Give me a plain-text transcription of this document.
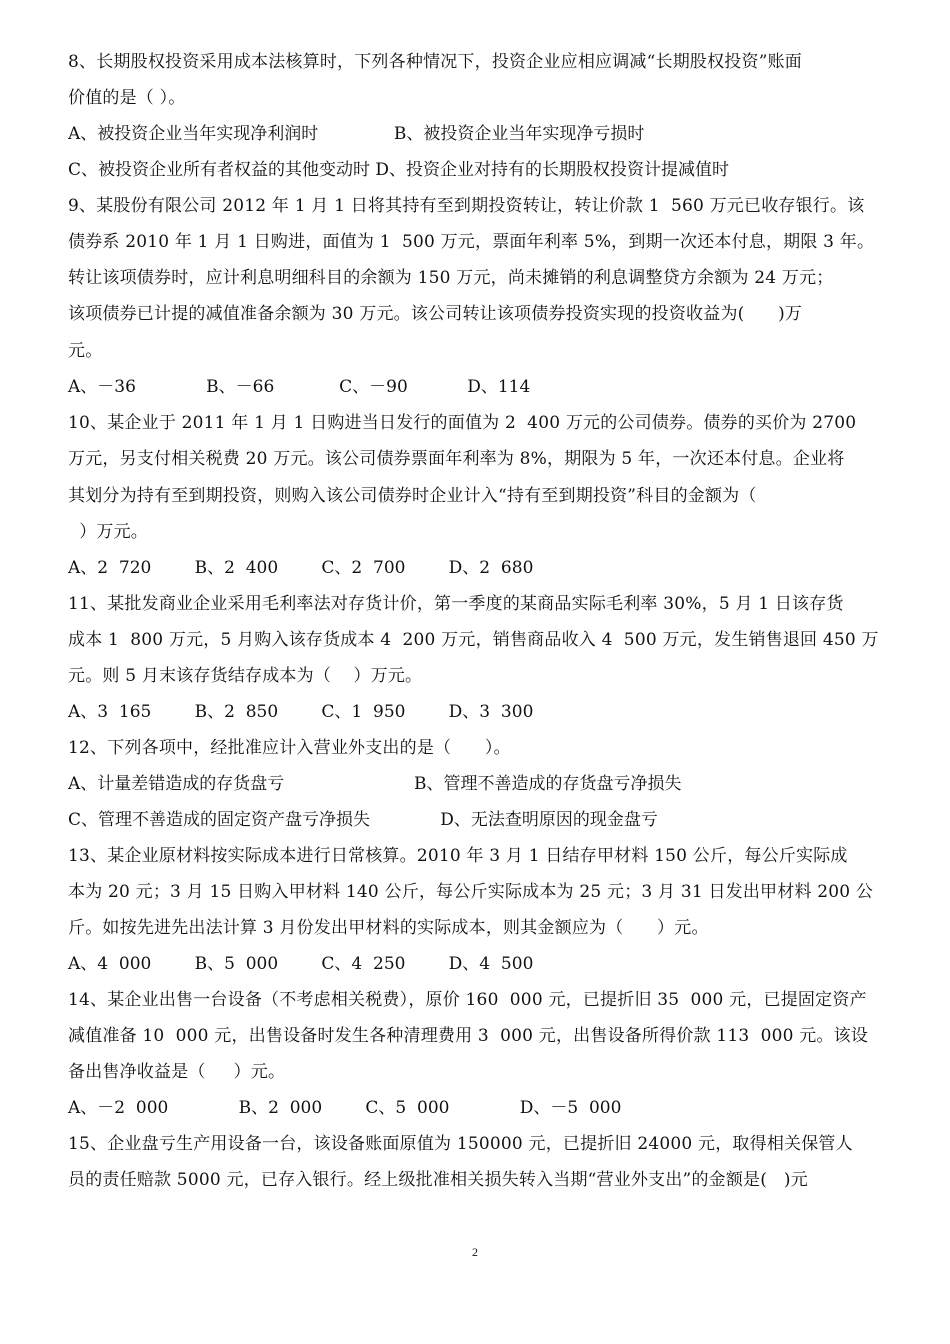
8、长期股权投资采用成本法核算时，下列各种情况下，投资企业应相应调减“长期股权投资”账面
价值的是（ ）。
A、被投资企业当年实现净利润时              B、被投资企业当年实现净亏损时
C、被投资企业所有者权益的其他变动时 D、投资企业对持有的长期股权投资计提减值时
9、某股份有限公司 2012 年 1 月 1 日将其持有至到期投资转让，转让价款 1  560 万元已收存银行。该
债券系 2010 年 1 月 1 日购进，面值为 1  500 万元，票面年利率 5%，到期一次还本付息，期限 3 年。
转让该项债券时，应计利息明细科目的余额为 150 万元，尚未摊销的利息调整贷方余额为 24 万元；
该项债券已计提的减值准备余额为 30 万元。该公司转让该项债券投资实现的投资收益为(      )万
元。
A、－36             B、－66            C、－90           D、114
10、某企业于 2011 年 1 月 1 日购进当日发行的面值为 2  400 万元的公司债券。债券的买价为 2700
万元，另支付相关税费 20 万元。该公司债券票面年利率为 8%，期限为 5 年，一次还本付息。企业将
其划分为持有至到期投资，则购入该公司债券时企业计入“持有至到期投资”科目的金额为（
）万元。
A、2  720        B、2  400        C、2  700        D、2  680
11、某批发商业企业采用毛利率法对存货计价，第一季度的某商品实际毛利率 30%，5 月 1 日该存货
成本 1  800 万元，5 月购入该存货成本 4  200 万元，销售商品收入 4  500 万元，发生销售退回 450 万
元。则 5 月末该存货结存成本为（    ）万元。
A、3  165        B、2  850        C、1  950        D、3  300
12、下列各项中，经批准应计入营业外支出的是（      ）。
A、计量差错造成的存货盘亏                        B、管理不善造成的存货盘亏净损失
C、管理不善造成的固定资产盘亏净损失             D、无法查明原因的现金盘亏
13、某企业原材料按实际成本进行日常核算。2010 年 3 月 1 日结存甲材料 150 公斤，每公斤实际成
本为 20 元；3 月 15 日购入甲材料 140 公斤，每公斤实际成本为 25 元；3 月 31 日发出甲材料 200 公
斤。如按先进先出法计算 3 月份发出甲材料的实际成本，则其金额应为（      ）元。
A、4  000        B、5  000        C、4  250        D、4  500
14、某企业出售一台设备（不考虑相关税费），原价 160  000 元，已提折旧 35  000 元，已提固定资产
减值准备 10  000 元，出售设备时发生各种清理费用 3  000 元，出售设备所得价款 113  000 元。该设
备出售净收益是（     ）元。
A、－2  000             B、2  000        C、5  000             D、－5  000
15、企业盘亏生产用设备一台，该设备账面原值为 150000 元，已提折旧 24000 元，取得相关保管人
员的责任赔款 5000 元，已存入银行。经上级批准相关损失转入当期“营业外支出”的金额是(   )元
2
